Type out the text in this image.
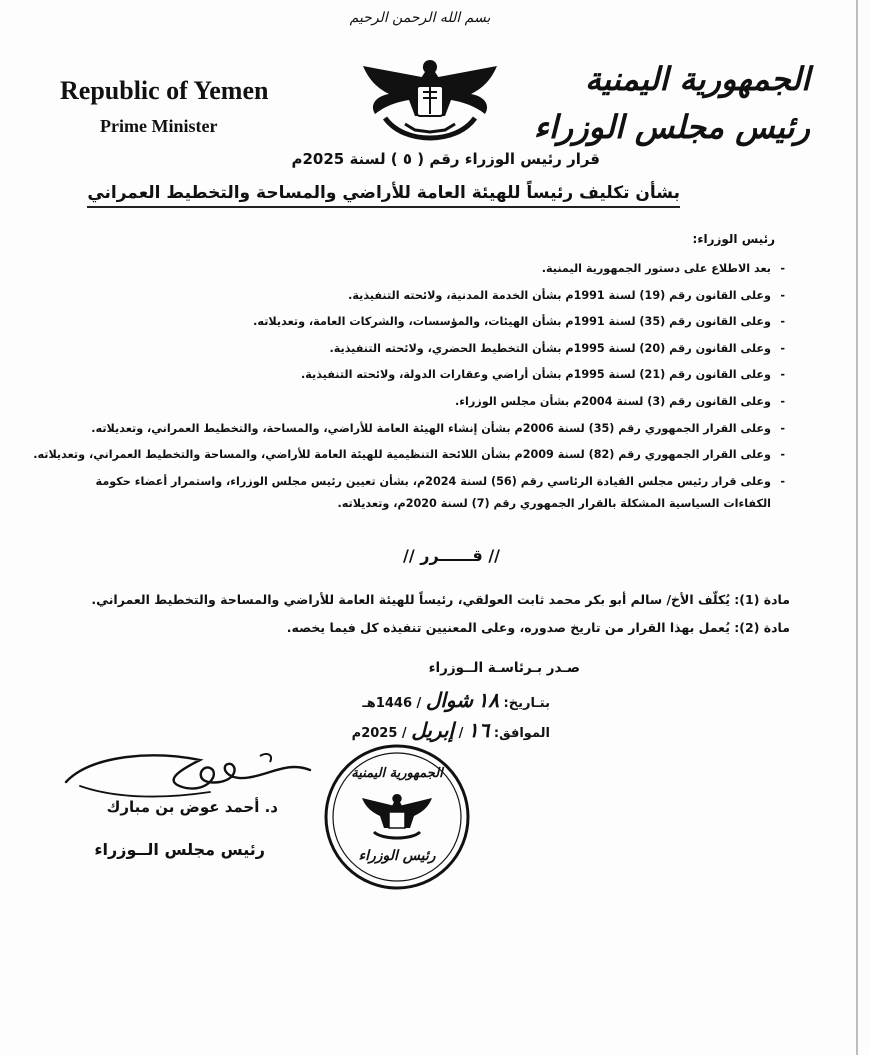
بسم الله الرحمن الرحيم
Republic of Yemen
Prime Minister
الجمهورية اليمنية
رئيس مجلس الوزراء
قرار رئيس الوزراء رقم ( ٥ ) لسنة 2025م
بشأن تكليف رئيساً للهيئة العامة للأراضي والمساحة والتخطيط العمراني
رئيس الوزراء:
- بعد الاطلاع على دستور الجمهورية اليمنية.
- وعلى القانون رقم (19) لسنة 1991م بشأن الخدمة المدنية، ولائحته التنفيذية.
- وعلى القانون رقم (35) لسنة 1991م بشأن الهيئات، والمؤسسات، والشركات العامة، وتعديلاته.
- وعلى القانون رقم (20) لسنة 1995م بشأن التخطيط الحضري، ولائحته التنفيذية.
- وعلى القانون رقم (21) لسنة 1995م بشأن أراضي وعقارات الدولة، ولائحته التنفيذية.
- وعلى القانون رقم (3) لسنة 2004م بشأن مجلس الوزراء.
- وعلى القرار الجمهوري رقم (35) لسنة 2006م بشأن إنشاء الهيئة العامة للأراضي، والمساحة، والتخطيط العمراني، وتعديلاته.
- وعلى القرار الجمهوري رقم (82) لسنة 2009م بشأن اللائحة التنظيمية للهيئة العامة للأراضي، والمساحة والتخطيط العمراني، وتعديلاته.
- وعلى قرار رئيس مجلس القيادة الرئاسي رقم (56) لسنة 2024م، بشأن تعيين رئيس مجلس الوزراء، واستمرار أعضاء حكومة الكفاءات السياسية المشكلة بالقرار الجمهوري رقم (7) لسنة 2020م، وتعديلاته.
// قــــــرر //
مادة (1): يُكلّف الأخ/ سالم أبو بكر محمد ثابت العولقي، رئيساً للهيئة العامة للأراضي والمساحة والتخطيط العمراني.
مادة (2): يُعمل بهذا القرار من تاريخ صدوره، وعلى المعنيين تنفيذه كل فيما يخصه.
صـدر بـرئاسـة الــوزراء
بتـاريخ: ١٨ شوال / 1446هـ
الموافق: ١٦ / إبريل / 2025م
د. أحمد عوض بن مبارك
رئيس مجلس الــوزراء
الجمهورية اليمنية
رئيس الوزراء
